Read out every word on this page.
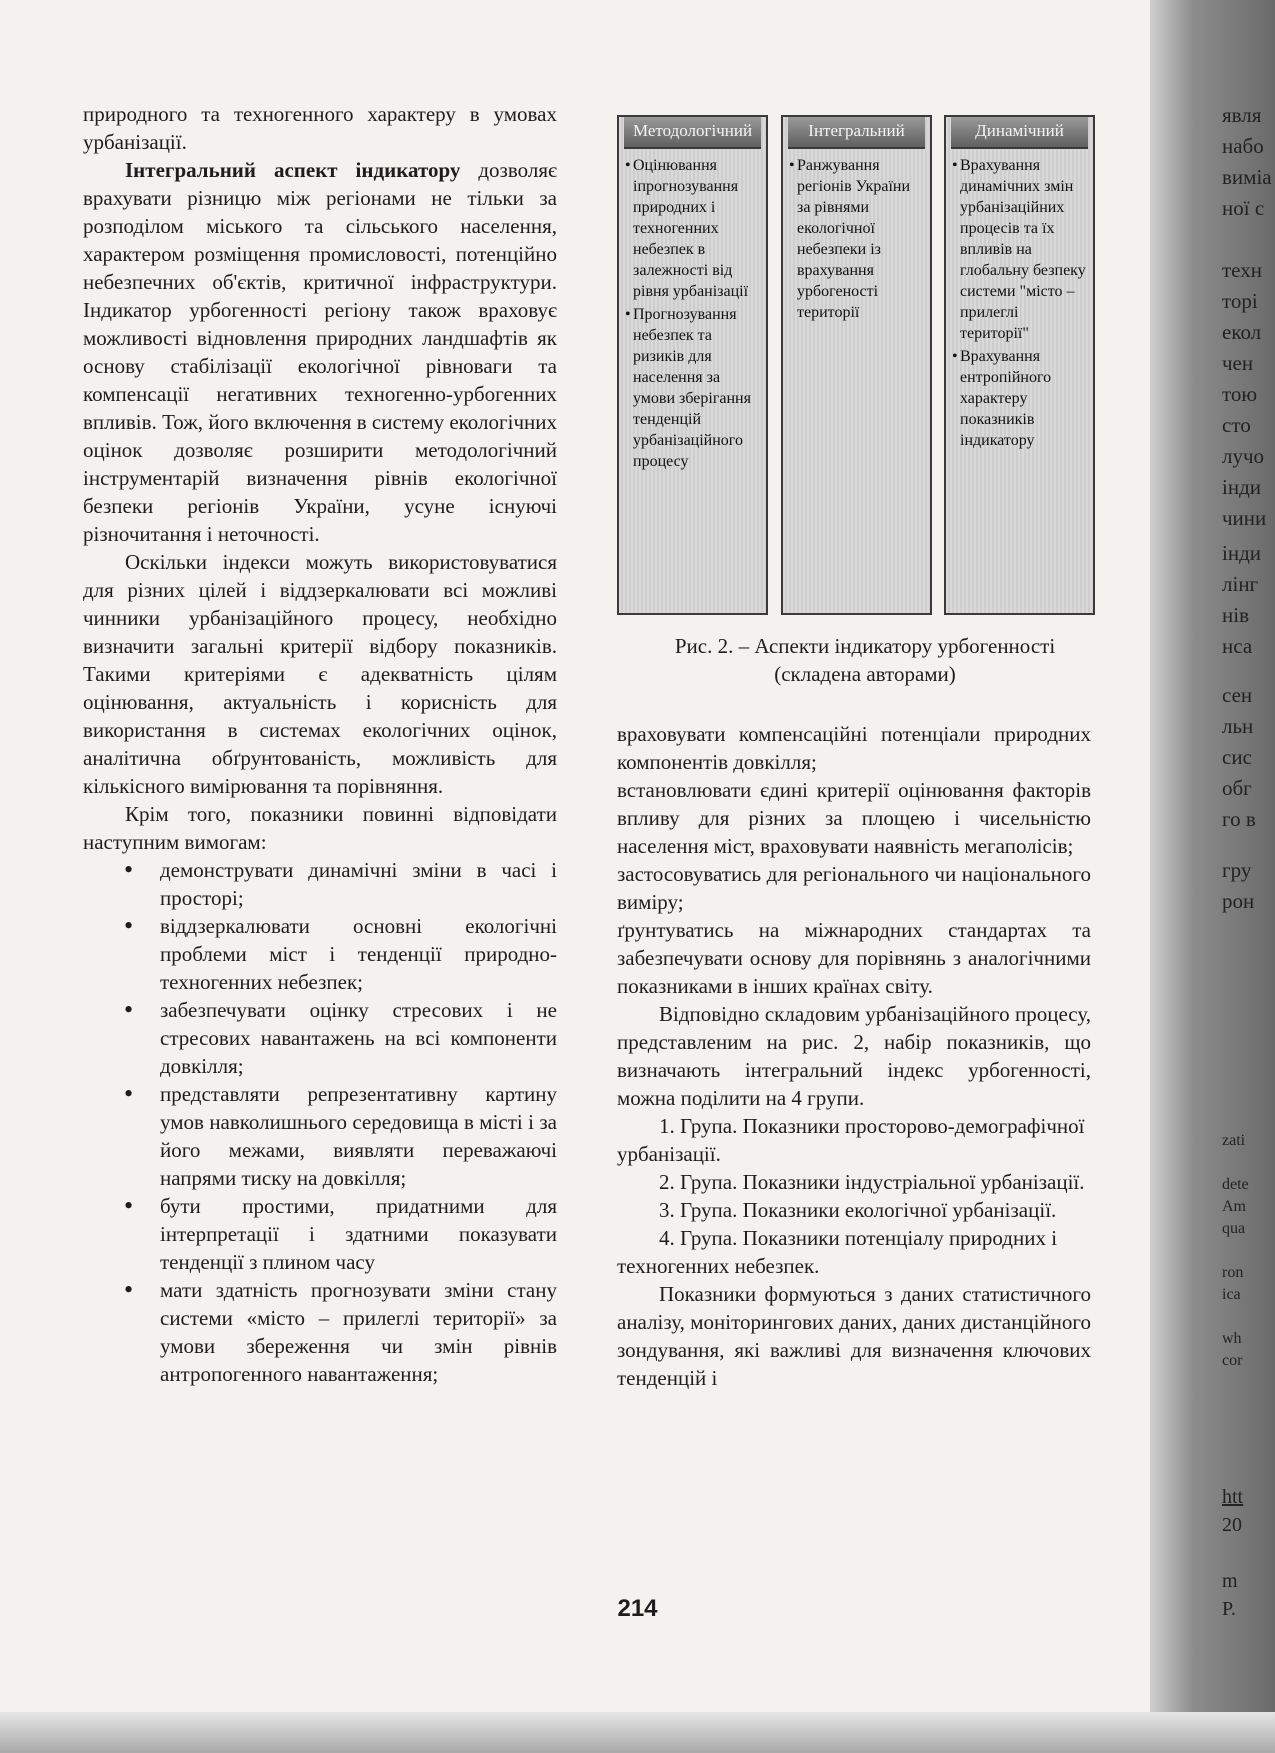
природного та техногенного характеру в умовах урбанізації.

Інтегральний аспект індикатору дозволяє врахувати різницю між регіонами не тільки за розподілом міського та сільського населення, характером розміщення промисловості, потенційно небезпечних об'єктів, критичної інфраструктури. Індикатор урбогенності регіону також враховує можливості відновлення природних ландшафтів як основу стабілізації екологічної рівноваги та компенсації негативних техногенно-урбогенних впливів. Тож, його включення в систему екологічних оцінок дозволяє розширити методологічний інструментарій визначення рівнів екологічної безпеки регіонів України, усуне існуючі різночитання і неточності.

Оскільки індекси можуть використовуватися для різних цілей і віддзеркалювати всі можливі чинники урбанізаційного процесу, необхідно визначити загальні критерії відбору показників. Такими критеріями є адекватність цілям оцінювання, актуальність і корисність для використання в системах екологічних оцінок, аналітична обґрунтованість, можливість для кількісного вимірювання та порівняння.

Крім того, показники повинні відповідати наступним вимогам:

• демонструвати динамічні зміни в часі і просторі;
• віддзеркалювати основні екологічні проблеми міст і тенденції природно-техногенних небезпек;
• забезпечувати оцінку стресових і не стресових навантажень на всі компоненти довкілля;
• представляти репрезентативну картину умов навколишнього середовища в місті і за його межами, виявляти переважаючі напрями тиску на довкілля;
• бути простими, придатними для інтерпретації і здатними показувати тенденції з плином часу
• мати здатність прогнозувати зміни стану системи «місто – прилеглі території» за умови збереження чи змін рівнів антропогенного навантаження;
Методологічний
• Оцінювання іпрогнозування природних і техногенних небезпек в залежності від рівня урбанізації
• Прогнозування небезпек та ризиків для населення за умови зберігання тенденцій урбанізаційного процесу
Інтегральний
• Ранжування регіонів України за рівнями екологічної небезпеки із врахування урбогеності території
Динамічний
• Врахування динамічних змін урбанізаційних процесів та їх впливів на глобальну безпеку системи "місто – прилеглі території"
• Врахування ентропійного характеру показників індикатору
Рис. 2. – Аспекти індикатору урбогенності (складена авторами)
враховувати компенсаційні потенціали природних компонентів довкілля;
встановлювати єдині критерії оцінювання факторів впливу для різних за площею і чисельністю населення міст, враховувати наявність мегаполісів;
застосовуватись для регіонального чи національного виміру;
ґрунтуватись на міжнародних стандартах та забезпечувати основу для порівнянь з аналогічними показниками в інших країнах світу.

Відповідно складовим урбанізаційного процесу, представленим на рис. 2, набір показників, що визначають інтегральний індекс урбогенності, можна поділити на 4 групи.

1. Група. Показники просторово-демографічної урбанізації.

2. Група. Показники індустріальної урбанізації.

3. Група. Показники екологічної урбанізації.

4. Група. Показники потенціалу природних і техногенних небезпек.

Показники формуються з даних статистичного аналізу, моніторингових даних, даних дистанційного зондування, які важливі для визначення ключових тенденцій і

явля
набо
виміа
ної с

техн
торі
екол
чен
тою
сто
лучо
інди
чини
інди
лінг
нів
нса
сен
льн
сис
обг
го в
гру
рон
zati

dete
Am
qua

ron
ica

wh
cor
htt
20

m
P.
214
